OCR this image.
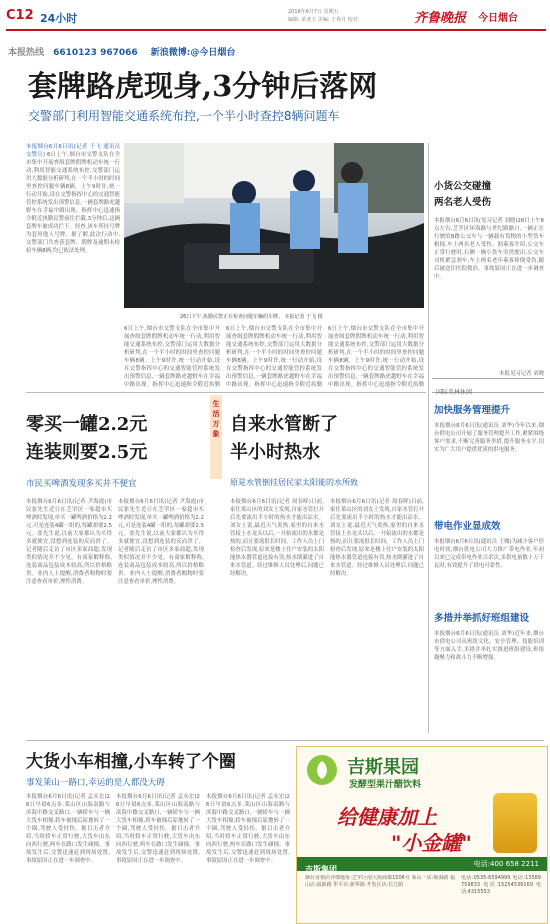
C12 24小时	2018年6月7日 星期五
编辑: 荣亚玉 美编: 于春月 校对:	齐鲁晚报 今日烟台
本报热线 6610123 967066 新浪微博:@今日烟台
套牌路虎现身,3分钟后落网
交警部门利用智能交通系统布控,一个半小时查控8辆问题车
本报烟台6月6日讯(记者 于飞 通讯员 交警宣) 6日上午,烟台市交警支队在全市集中开展查缉套牌假牌机动车统一行动,利用智能交通系统布控,交警部门运用大数据分析研判,在一个半小时的时间里查控问题车辆8辆。上午9时许,统一行动开始,设在交警指挥中心的交通智能管控系统发出预警信息,一辆套牌路虎越野车在幸福中路出现。指挥中心迅速指令附近执勤民警前往拦截,3分钟后,这辆套牌车被成功拦下。经查,该车所挂号牌为套用他人号牌。据了解,此次行动中,交警部门共查获套牌、假牌及逾期未检验车辆8辆,均已依法处理。
26日下午,执勤民警正在检查问题车辆的车牌。 本报记者 于飞 摄
6日上午,烟台市交警支队在全市集中开展查缉套牌假牌机动车统一行动,利用智能交通系统布控,交警部门运用大数据分析研判,在一个半小时的时间里查控问题车辆8辆。上午9时许,统一行动开始,设在交警指挥中心的交通智能管控系统发出预警信息,一辆套牌路虎越野车在幸福中路出现。指挥中心迅速指令附近执勤
6日上午,烟台市交警支队在全市集中开展查缉套牌假牌机动车统一行动,利用智能交通系统布控,交警部门运用大数据分析研判,在一个半小时的时间里查控问题车辆8辆。上午9时许,统一行动开始,设在交警指挥中心的交通智能管控系统发出预警信息,一辆套牌路虎越野车在幸福中路出现。指挥中心迅速指令附近执勤
6日上午,烟台市交警支队在全市集中开展查缉套牌假牌机动车统一行动,利用智能交通系统布控,交警部门运用大数据分析研判,在一个半小时的时间里查控问题车辆8辆。上午9时许,统一行动开始,设在交警指挥中心的交通智能管控系统发出预警信息,一辆套牌路虎越野车在幸福中路出现。指挥中心迅速指令附近执勤
小货公交碰撞
两名老人受伤
本报烟台6月6日讯(见习记者 刘晓)26日上午8点左右,芝罘区环海路与世纪路路口,一辆正在行驶的8路公交车与一辆载有货物的小型货车相撞,车上两名老人受伤。据乘客介绍,公交车正常行驶时,右侧一辆小货车突然驶出,公交车司机紧急刹车,车上两名老年乘客摔倒受伤,随后被送往医院救治。事故原因正在进一步调查中。
本报见习记者 刘晓
国际英林休闲
加快服务管理提升
本报烟台6月6日讯(通讯员 刘华)今年以来,烟台供电公司开展了服务管理提升工作,紧紧围绕客户需求,不断完善服务举措,提升服务水平,切实为广大用户提供优质的供电服务。
带电作业显成效
本报烟台6月6日讯(通讯员 王娜)为减少客户停电时间,烟台供电公司大力推广带电作业,年初以来已完成带电作业百余次,多供电量数十万千瓦时,有效提升了供电可靠性。
多措并举抓好班组建设
本报烟台6月6日讯(通讯员 刘华)近年来,烟台市供电公司从班组文化、安全管理、技能培训等方面入手,多措并举扎实推进班组建设,班组凝聚力和战斗力不断增强。
零买一罐2.2元
连装则要2.5元
市民买啤酒发现多买并不便宜
本报烟台6月6日讯(记者 尹海霞)市民张先生近日在芝罘区一家超市买啤酒时发现,单买一罐啤酒价格为2.2元,可是连装4罐一组的,每罐却要2.5元。张先生说,以前大家都认为买得多就便宜,没想到连装的反而贵了。记者随后走访了市区多家商超,发现类似情况并不少见。有商家解释称,连装商品包装成本较高,所以价格略贵。业内人士提醒,消费者购物时要注意查看单价,理性消费。
本报烟台6月6日讯(记者 尹海霞)市民张先生近日在芝罘区一家超市买啤酒时发现,单买一罐啤酒价格为2.2元,可是连装4罐一组的,每罐却要2.5元。张先生说,以前大家都认为买得多就便宜,没想到连装的反而贵了。记者随后走访了市区多家商超,发现类似情况并不少见。有商家解释称,连装商品包装成本较高,所以价格略贵。业内人士提醒,消费者购物时要注意查看单价,理性消费。
生活万象 自来水管断了
半小时热水
原是水管倒挂居民家太阳能的水所致
本报烟台6月6日讯(记者 周春晖)日前,家住莱山区的刘女士发现,自家水管打开后先要流出半小时的热水才能出凉水。刘女士说,最近天气炎热,家里的自来水管接上水龙头以后,一开始流出的水都是热的,而且要流很长时间。工作人员上门检查后发现,原来是楼上住户安装的太阳能热水器管道连接有误,热水倒灌进了自来水管道。经过维修人员处理后,问题已经解决。
本报烟台6月6日讯(记者 周春晖)日前,家住莱山区的刘女士发现,自家水管打开后先要流出半小时的热水才能出凉水。刘女士说,最近天气炎热,家里的自来水管接上水龙头以后,一开始流出的水都是热的,而且要流很长时间。工作人员上门检查后发现,原来是楼上住户安装的太阳能热水器管道连接有误,热水倒灌进了自来水管道。经过维修人员处理后,问题已经解决。
大货小车相撞,小车转了个圈
事发莱山一路口,幸运的是人都没大碍
本报烟台6月6日讯(记者 孟永宏)26日早晨6点多,莱山区山海南路与滨海中路交叉路口,一辆轿车与一辆大货车相撞,轿车被撞后原地转了一个圈,驾驶人受轻伤。据目击者介绍,当时轿车正常行驶,大货车由东向西行驶,两车在路口发生碰撞。事故发生后,交警迅速赶到现场处置,事故原因正在进一步调查中。
本报烟台6月6日讯(记者 孟永宏)26日早晨6点多,莱山区山海南路与滨海中路交叉路口,一辆轿车与一辆大货车相撞,轿车被撞后原地转了一个圈,驾驶人受轻伤。据目击者介绍,当时轿车正常行驶,大货车由东向西行驶,两车在路口发生碰撞。事故发生后,交警迅速赶到现场处置,事故原因正在进一步调查中。
本报烟台6月6日讯(记者 孟永宏)26日早晨6点多,莱山区山海南路与滨海中路交叉路口,一辆轿车与一辆大货车相撞,轿车被撞后原地转了一个圈,驾驶人受轻伤。据目击者介绍,当时轿车正常行驶,大货车由东向西行驶,两车在路口发生碰撞。事故发生后,交警迅速赶到现场处置,事故原因正在进一步调查中。
吉斯果园
发酵型果汁醋饮料
给健康加上
"小金罐"
吉斯集团
电话:400 658 2211
烟台直销店详细地址:芝罘区南大街商都1506号 莱山一店:观海路 福山店:福新路 牟平店:新华路 开发区店:长江路
电话:0535-6594999 电话:13589759833 电话:15254539169 电话:4315553
